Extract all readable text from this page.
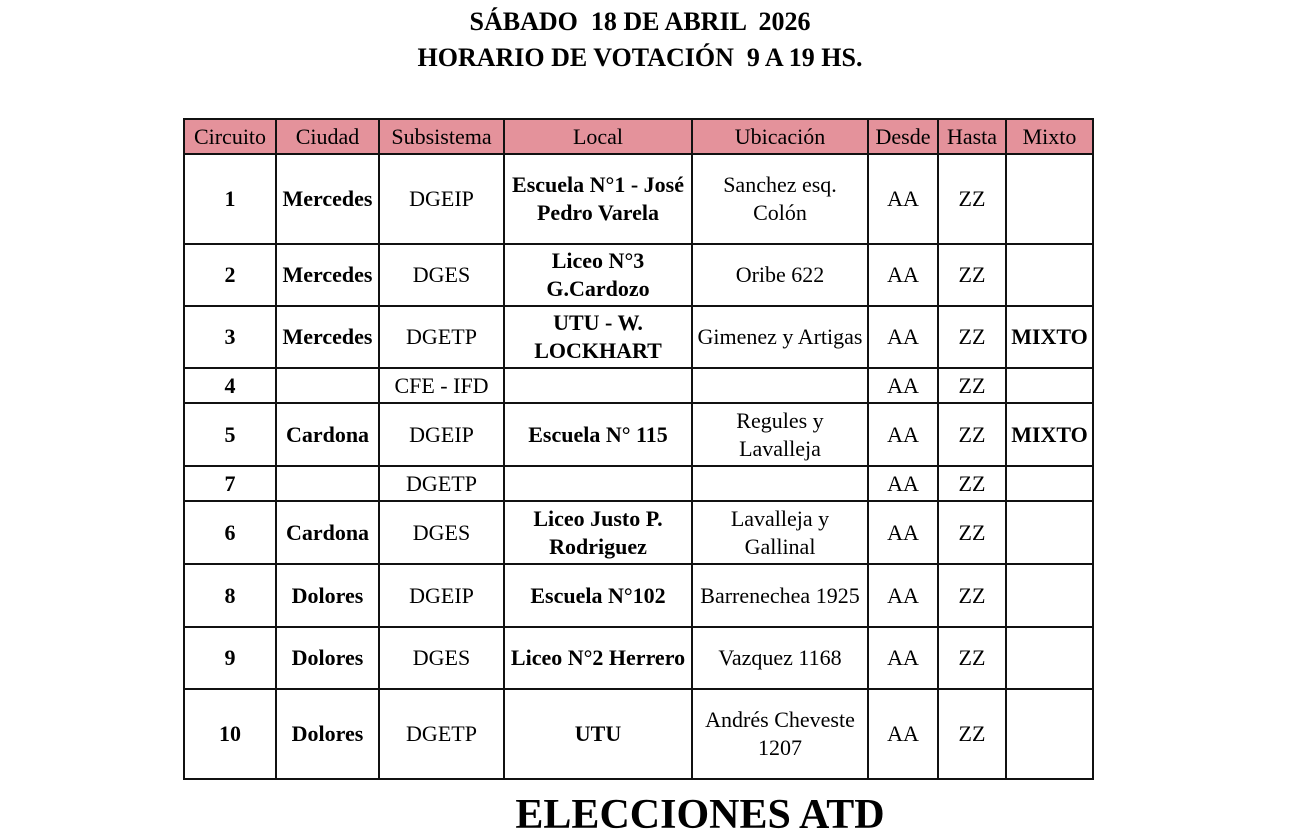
SÁBADO  18 DE ABRIL  2026
HORARIO DE VOTACIÓN  9 A 19 HS.
Circuito	Ciudad	Subsistema	Local	Ubicación	Desde	Hasta	Mixto
1	Mercedes	DGEIP	Escuela N°1 - José Pedro Varela	Sanchez esq. Colón	AA	ZZ	
2	Mercedes	DGES	Liceo N°3 G.Cardozo	Oribe 622	AA	ZZ	
3	Mercedes	DGETP	UTU - W. LOCKHART	Gimenez y Artigas	AA	ZZ	MIXTO
4		CFE - IFD			AA	ZZ	
5	Cardona	DGEIP	Escuela N° 115	Regules y Lavalleja	AA	ZZ	MIXTO
7		DGETP			AA	ZZ	
6	Cardona	DGES	Liceo Justo P. Rodriguez	Lavalleja y Gallinal	AA	ZZ	
8	Dolores	DGEIP	Escuela N°102	Barrenechea 1925	AA	ZZ	
9	Dolores	DGES	Liceo N°2 Herrero	Vazquez 1168	AA	ZZ	
10	Dolores	DGETP	UTU	Andrés Cheveste 1207	AA	ZZ	
ELECCIONES ATD
